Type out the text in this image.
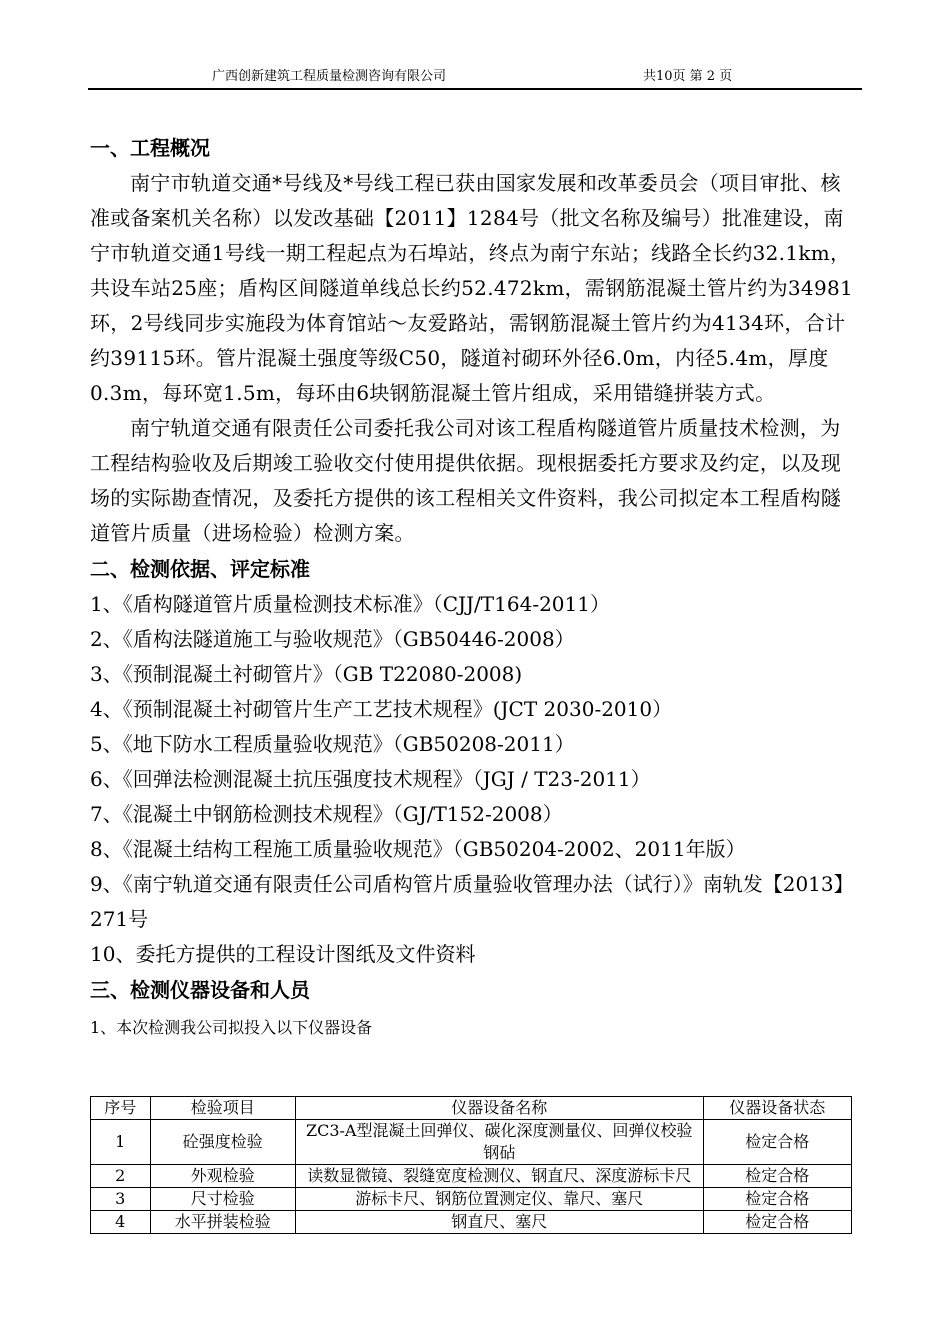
广西创新建筑工程质量检测咨询有限公司	共10页 第 2 页
一、工程概况

南宁市轨道交通*号线及*号线工程已获由国家发展和改革委员会（项目审批、核准或备案机关名称）以发改基础【2011】1284号（批文名称及编号）批准建设，南宁市轨道交通1号线一期工程起点为石埠站，终点为南宁东站；线路全长约32.1km，共设车站25座；盾构区间隧道单线总长约52.472km，需钢筋混凝土管片约为34981环，2号线同步实施段为体育馆站～友爱路站，需钢筋混凝土管片约为4134环，合计约39115环。管片混凝土强度等级C50，隧道衬砌环外径6.0m，内径5.4m，厚度0.3m，每环宽1.5m，每环由6块钢筋混凝土管片组成，采用错缝拼装方式。

南宁轨道交通有限责任公司委托我公司对该工程盾构隧道管片质量技术检测，为工程结构验收及后期竣工验收交付使用提供依据。现根据委托方要求及约定，以及现场的实际勘查情况，及委托方提供的该工程相关文件资料，我公司拟定本工程盾构隧道管片质量（进场检验）检测方案。

二、检测依据、评定标准
1、《盾构隧道管片质量检测技术标准》（CJJ/T164-2011）
2、《盾构法隧道施工与验收规范》（GB50446-2008）
3、《预制混凝土衬砌管片》（GB T22080-2008)
4、《预制混凝土衬砌管片生产工艺技术规程》(JCT 2030-2010）
5、《地下防水工程质量验收规范》（GB50208-2011）
6、《回弹法检测混凝土抗压强度技术规程》（JGJ / T23-2011）
7、《混凝土中钢筋检测技术规程》（GJ/T152-2008）
8、《混凝土结构工程施工质量验收规范》（GB50204-2002、2011年版）
9、《南宁轨道交通有限责任公司盾构管片质量验收管理办法（试行）》南轨发【2013】271号
10、委托方提供的工程设计图纸及文件资料
三、检测仪器设备和人员

1、本次检测我公司拟投入以下仪器设备

序号	检验项目	仪器设备名称	仪器设备状态
1	砼强度检验	ZC3-A型混凝土回弹仪、碳化深度测量仪、回弹仪校验钢砧	检定合格
2	外观检验	读数显微镜、裂缝宽度检测仪、钢直尺、深度游标卡尺	检定合格
3	尺寸检验	游标卡尺、钢筋位置测定仪、靠尺、塞尺	检定合格
4	水平拼装检验	钢直尺、塞尺	检定合格
